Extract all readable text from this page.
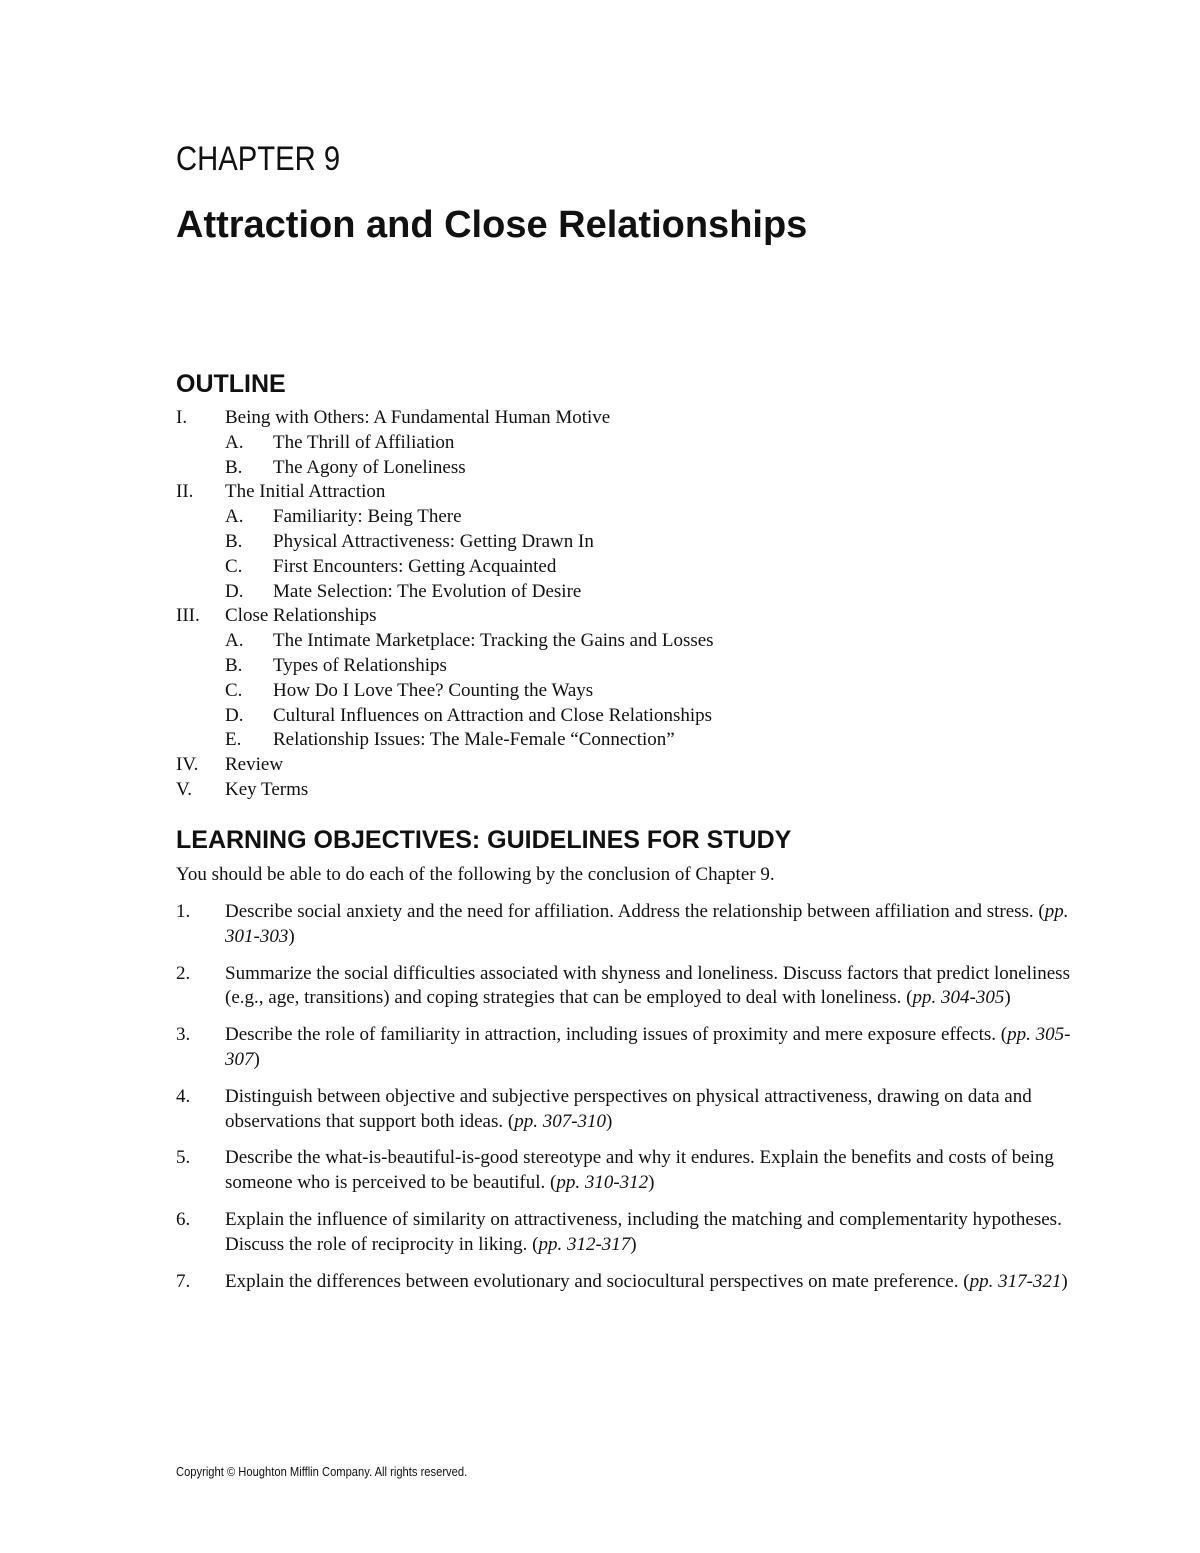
CHAPTER 9
Attraction and Close Relationships
OUTLINE
I. Being with Others: A Fundamental Human Motive
A. The Thrill of Affiliation
B. The Agony of Loneliness
II. The Initial Attraction
A. Familiarity: Being There
B. Physical Attractiveness: Getting Drawn In
C. First Encounters: Getting Acquainted
D. Mate Selection: The Evolution of Desire
III. Close Relationships
A. The Intimate Marketplace: Tracking the Gains and Losses
B. Types of Relationships
C. How Do I Love Thee? Counting the Ways
D. Cultural Influences on Attraction and Close Relationships
E. Relationship Issues: The Male-Female “Connection”
IV. Review
V. Key Terms
LEARNING OBJECTIVES: GUIDELINES FOR STUDY
You should be able to do each of the following by the conclusion of Chapter 9.
1. Describe social anxiety and the need for affiliation. Address the relationship between affiliation and stress. (pp. 301-303)
2. Summarize the social difficulties associated with shyness and loneliness. Discuss factors that predict loneliness (e.g., age, transitions) and coping strategies that can be employed to deal with loneliness. (pp. 304-305)
3. Describe the role of familiarity in attraction, including issues of proximity and mere exposure effects. (pp. 305-307)
4. Distinguish between objective and subjective perspectives on physical attractiveness, drawing on data and observations that support both ideas. (pp. 307-310)
5. Describe the what-is-beautiful-is-good stereotype and why it endures. Explain the benefits and costs of being someone who is perceived to be beautiful. (pp. 310-312)
6. Explain the influence of similarity on attractiveness, including the matching and complementarity hypotheses. Discuss the role of reciprocity in liking. (pp. 312-317)
7. Explain the differences between evolutionary and sociocultural perspectives on mate preference. (pp. 317-321)
Copyright © Houghton Mifflin Company. All rights reserved.
